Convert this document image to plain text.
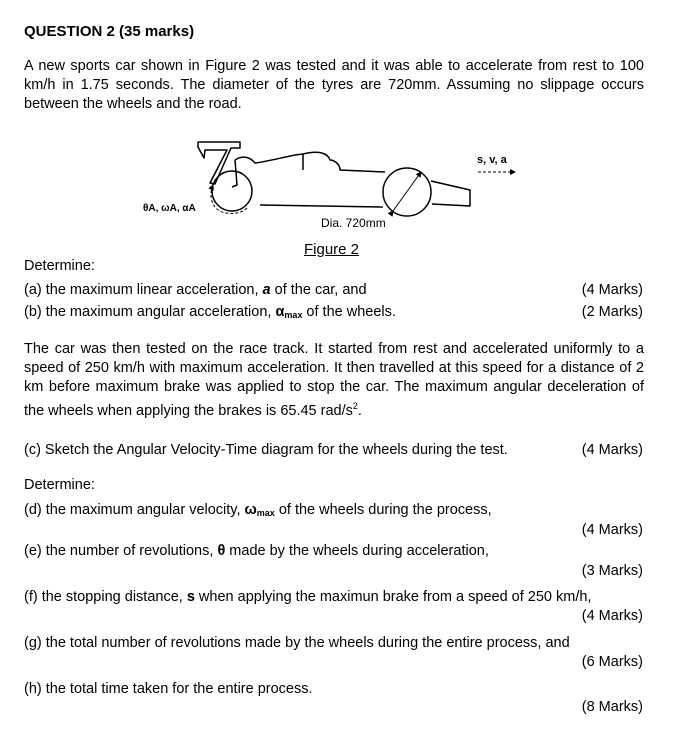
QUESTION 2 (35 marks)
A new sports car shown in Figure 2 was tested and it was able to accelerate from rest to 100 km/h in 1.75 seconds. The diameter of the tyres are 720mm. Assuming no slippage occurs between the wheels and the road.
s, v, a
θA, ωA, αA
Dia. 720mm
Figure 2
Determine:
(a) the maximum linear acceleration, a of the car, and	(4 Marks)
(b) the maximum angular acceleration, $\alpha_{max}$ of the wheels.	(2 Marks)
The car was then tested on the race track. It started from rest and accelerated uniformly to a speed of 250 km/h with maximum acceleration. It then travelled at this speed for a distance of 2 km before maximum brake was applied to stop the car. The maximum angular deceleration of the wheels when applying the brakes is 65.45 rad/$s^2$.
(c) Sketch the Angular Velocity-Time diagram for the wheels during the test.	(4 Marks)
Determine:
(d) the maximum angular velocity, $\omega_{max}$ of the wheels during the process,
(4 Marks)
(e) the number of revolutions, θ made by the wheels during acceleration,
(3 Marks)
(f) the stopping distance, s when applying the maximun brake from a speed of 250 km/h,
(4 Marks)
(g) the total number of revolutions made by the wheels during the entire process, and
(6 Marks)
(h) the total time taken for the entire process.
(8 Marks)
